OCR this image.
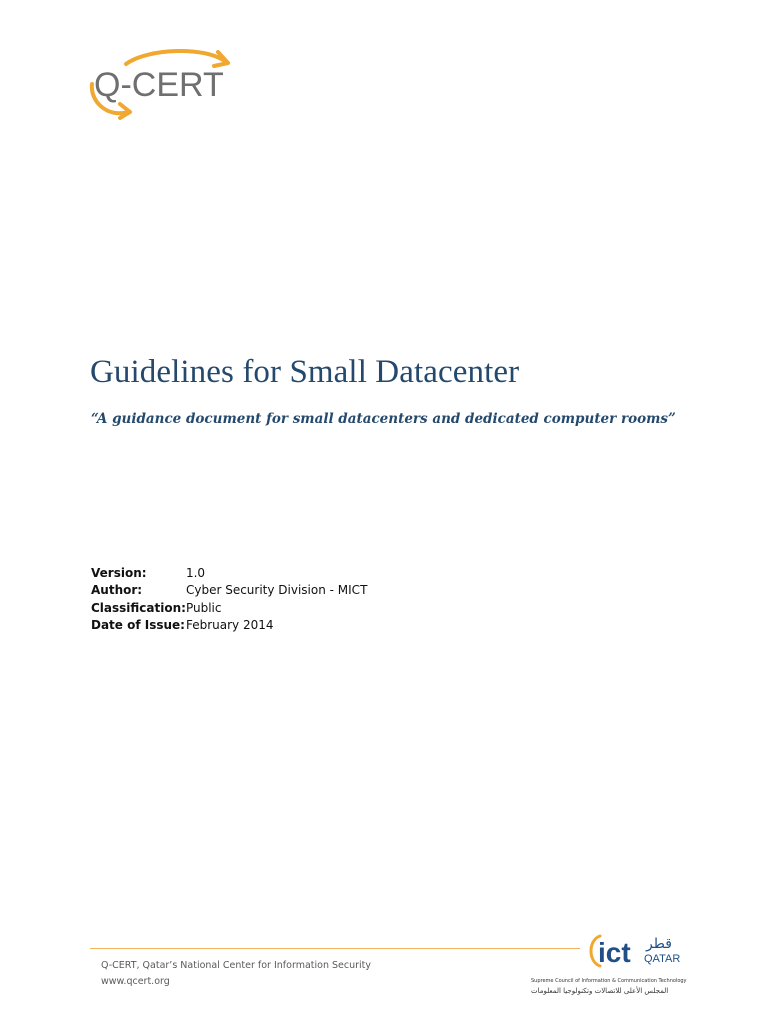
Q-CERT
Guidelines for Small Datacenter

“A guidance document for small datacenters and dedicated computer rooms”

Version:	1.0
Author:	Cyber Security Division - MICT
Classification:	Public
Date of Issue:	February 2014
Q-CERT, Qatar’s National Center for Information Security
www.qcert.org
ict قطر
QATAR
Supreme Council of Information & Communication Technology
المجلس الأعلى للاتصالات وتكنولوجيا المعلومات
